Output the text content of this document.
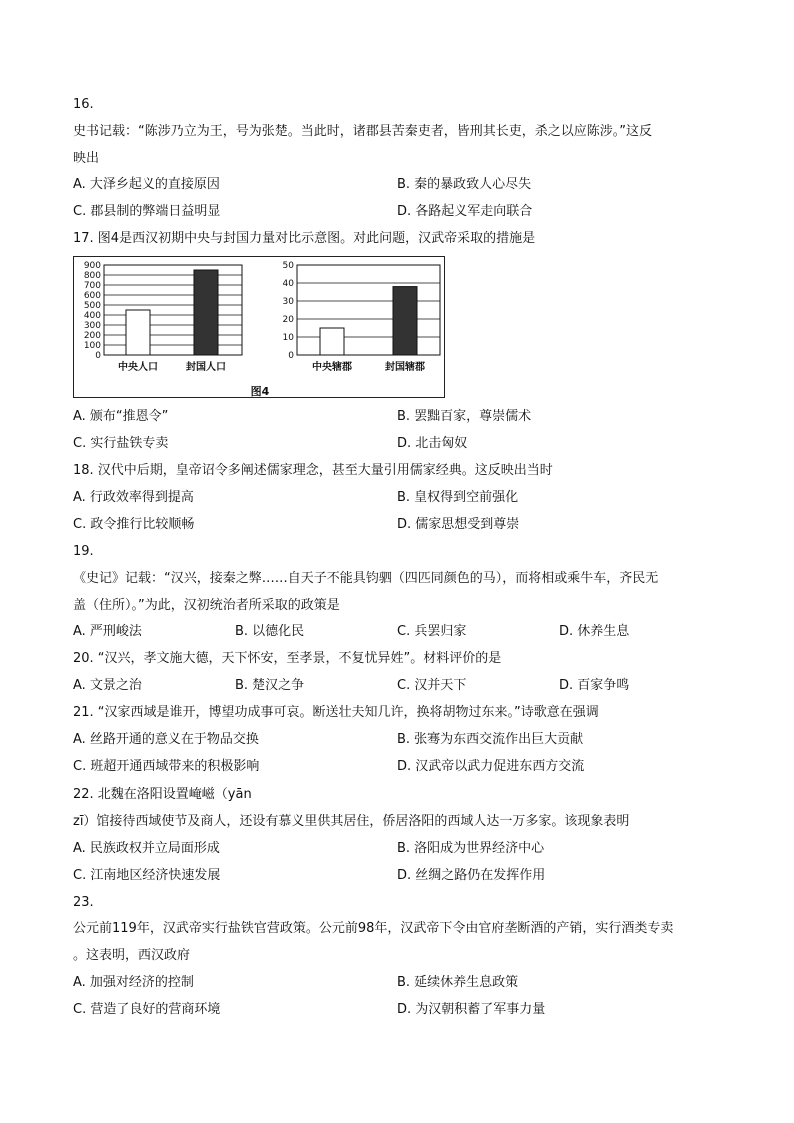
16.
史书记载：“陈涉乃立为王，号为张楚。当此时，诸郡县苦秦吏者，皆刑其长吏，杀之以应陈涉。”这反
映出
A. 大泽乡起义的直接原因	B. 秦的暴政致人心尽失
C. 郡县制的弊端日益明显	D. 各路起义军走向联合
17. 图4是西汉初期中央与封国力量对比示意图。对此问题，汉武帝采取的措施是
0
100
200
300
400
500
600
700
800
900
中央人口	封国人口
0
10
20
30
40
50
中央辖郡	封国辖郡
图4
A. 颁布“推恩令”	B. 罢黜百家，尊崇儒术
C. 实行盐铁专卖	D. 北击匈奴
18. 汉代中后期，皇帝诏令多阐述儒家理念，甚至大量引用儒家经典。这反映出当时
A. 行政效率得到提高	B. 皇权得到空前强化
C. 政令推行比较顺畅	D. 儒家思想受到尊崇
19.
《史记》记载：“汉兴，接秦之弊……自天子不能具钧驷（四匹同颜色的马），而将相或乘牛车，齐民无
盖（住所）。”为此，汉初统治者所采取的政策是
A. 严刑峻法	B. 以德化民	C. 兵罢归家	D. 休养生息
20. “汉兴，孝文施大德，天下怀安，至孝景，不复忧异姓”。材料评价的是
A. 文景之治	B. 楚汉之争	C. 汉并天下	D. 百家争鸣
21. “汉家西域是谁开，博望功成事可哀。断送壮夫知几许，换将胡物过东来。”诗歌意在强调
A. 丝路开通的意义在于物品交换	B. 张骞为东西交流作出巨大贡献
C. 班超开通西域带来的积极影响	D. 汉武帝以武力促进东西方交流
22. 北魏在洛阳设置崦嵫（yān
zī）馆接待西域使节及商人，还设有慕义里供其居住，侨居洛阳的西域人达一万多家。该现象表明
A. 民族政权并立局面形成	B. 洛阳成为世界经济中心
C. 江南地区经济快速发展	D. 丝绸之路仍在发挥作用
23.
公元前119年，汉武帝实行盐铁官营政策。公元前98年，汉武帝下令由官府垄断酒的产销，实行酒类专卖
。这表明，西汉政府
A. 加强对经济的控制	B. 延续休养生息政策
C. 营造了良好的营商环境	D. 为汉朝积蓄了军事力量
